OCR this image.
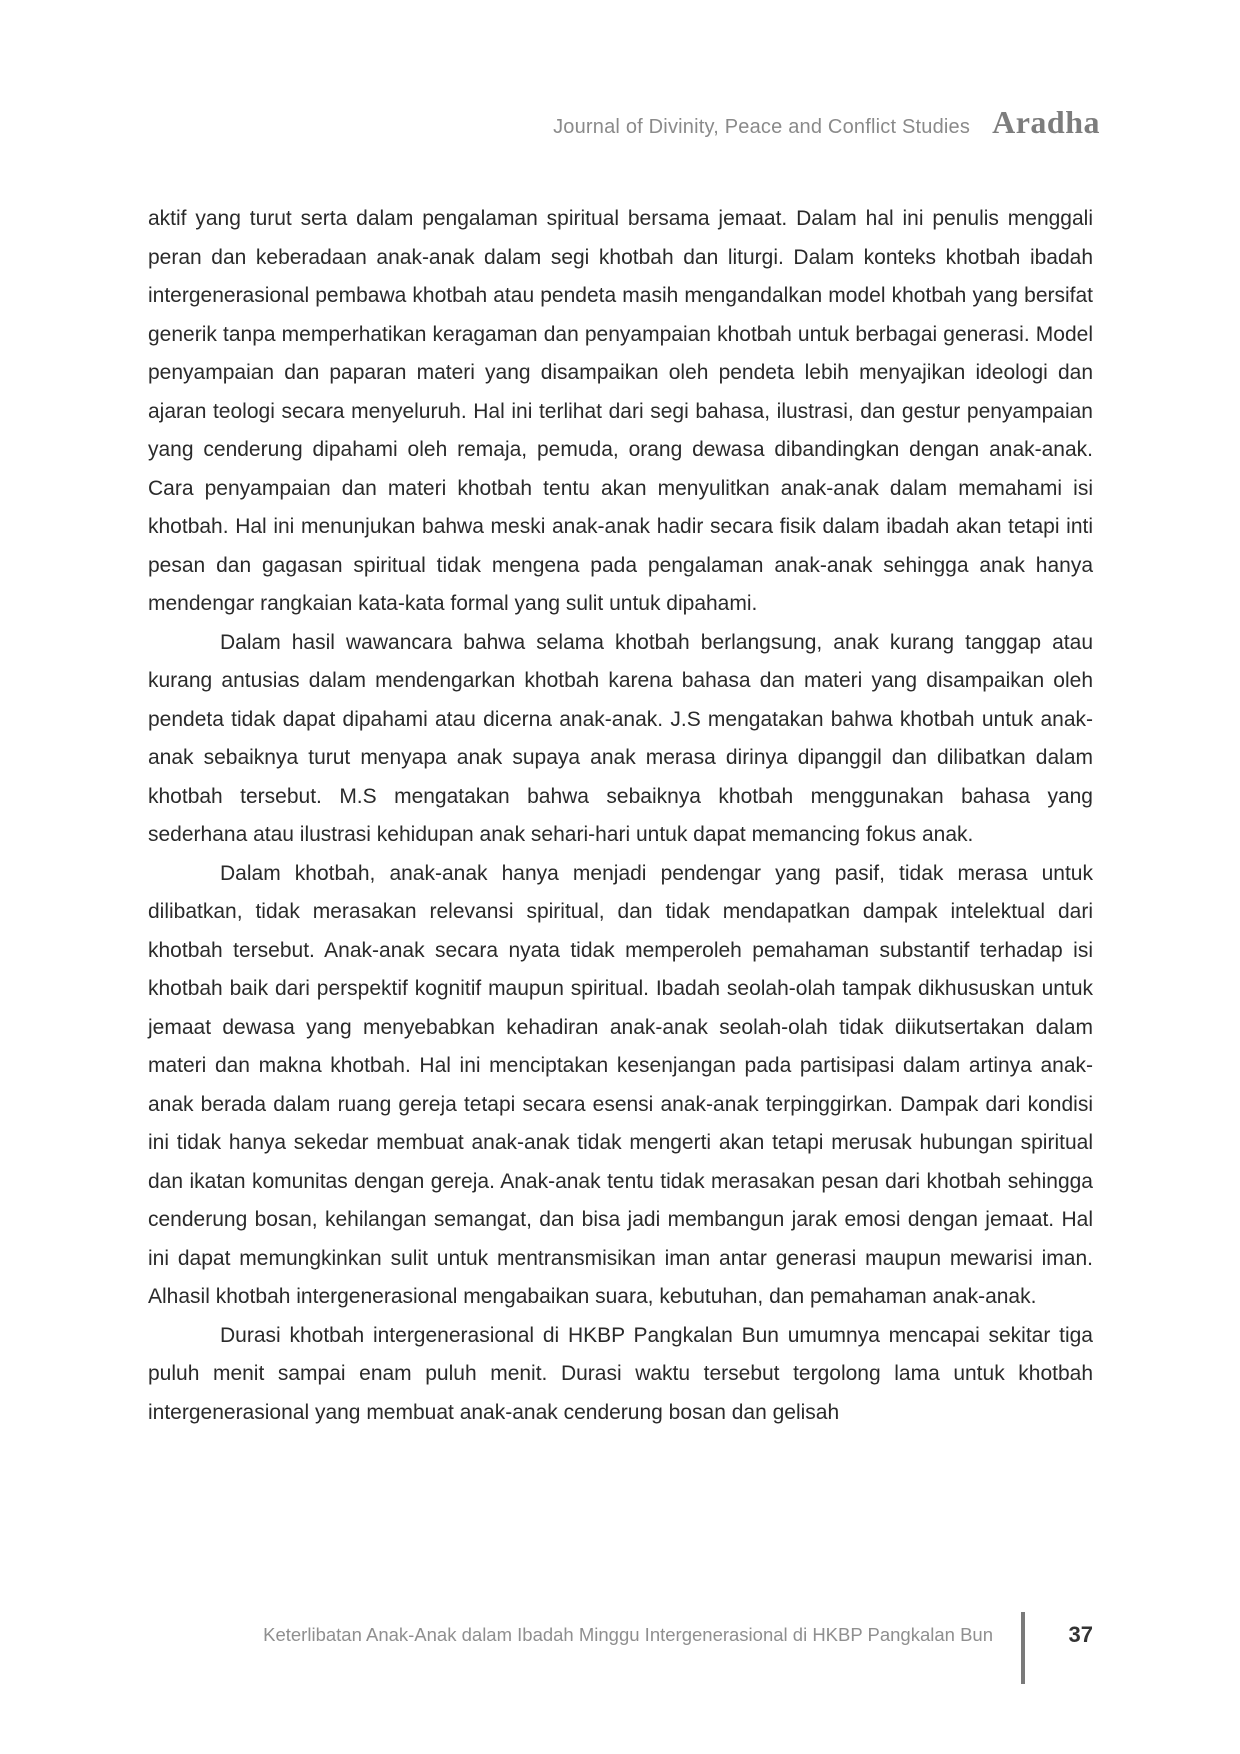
Journal of Divinity, Peace and Conflict Studies Aradha

aktif yang turut serta dalam pengalaman spiritual bersama jemaat. Dalam hal ini penulis menggali peran dan keberadaan anak-anak dalam segi khotbah dan liturgi. Dalam konteks khotbah ibadah intergenerasional pembawa khotbah atau pendeta masih mengandalkan model khotbah yang bersifat generik tanpa memperhatikan keragaman dan penyampaian khotbah untuk berbagai generasi. Model penyampaian dan paparan materi yang disampaikan oleh pendeta lebih menyajikan ideologi dan ajaran teologi secara menyeluruh. Hal ini terlihat dari segi bahasa, ilustrasi, dan gestur penyampaian yang cenderung dipahami oleh remaja, pemuda, orang dewasa dibandingkan dengan anak-anak. Cara penyampaian dan materi khotbah tentu akan menyulitkan anak-anak dalam memahami isi khotbah. Hal ini menunjukan bahwa meski anak-anak hadir secara fisik dalam ibadah akan tetapi inti pesan dan gagasan spiritual tidak mengena pada pengalaman anak-anak sehingga anak hanya mendengar rangkaian kata-kata formal yang sulit untuk dipahami.

Dalam hasil wawancara bahwa selama khotbah berlangsung, anak kurang tanggap atau kurang antusias dalam mendengarkan khotbah karena bahasa dan materi yang disampaikan oleh pendeta tidak dapat dipahami atau dicerna anak-anak. J.S mengatakan bahwa khotbah untuk anak-anak sebaiknya turut menyapa anak supaya anak merasa dirinya dipanggil dan dilibatkan dalam khotbah tersebut. M.S mengatakan bahwa sebaiknya khotbah menggunakan bahasa yang sederhana atau ilustrasi kehidupan anak sehari-hari untuk dapat memancing fokus anak.

Dalam khotbah, anak-anak hanya menjadi pendengar yang pasif, tidak merasa untuk dilibatkan, tidak merasakan relevansi spiritual, dan tidak mendapatkan dampak intelektual dari khotbah tersebut. Anak-anak secara nyata tidak memperoleh pemahaman substantif terhadap isi khotbah baik dari perspektif kognitif maupun spiritual. Ibadah seolah-olah tampak dikhususkan untuk jemaat dewasa yang menyebabkan kehadiran anak-anak seolah-olah tidak diikutsertakan dalam materi dan makna khotbah. Hal ini menciptakan kesenjangan pada partisipasi dalam artinya anak-anak berada dalam ruang gereja tetapi secara esensi anak-anak terpinggirkan. Dampak dari kondisi ini tidak hanya sekedar membuat anak-anak tidak mengerti akan tetapi merusak hubungan spiritual dan ikatan komunitas dengan gereja. Anak-anak tentu tidak merasakan pesan dari khotbah sehingga cenderung bosan, kehilangan semangat, dan bisa jadi membangun jarak emosi dengan jemaat. Hal ini dapat memungkinkan sulit untuk mentransmisikan iman antar generasi maupun mewarisi iman. Alhasil khotbah intergenerasional mengabaikan suara, kebutuhan, dan pemahaman anak-anak.

Durasi khotbah intergenerasional di HKBP Pangkalan Bun umumnya mencapai sekitar tiga puluh menit sampai enam puluh menit. Durasi waktu tersebut tergolong lama untuk khotbah intergenerasional yang membuat anak-anak cenderung bosan dan gelisah

Keterlibatan Anak-Anak dalam Ibadah Minggu Intergenerasional di HKBP Pangkalan Bun	37
